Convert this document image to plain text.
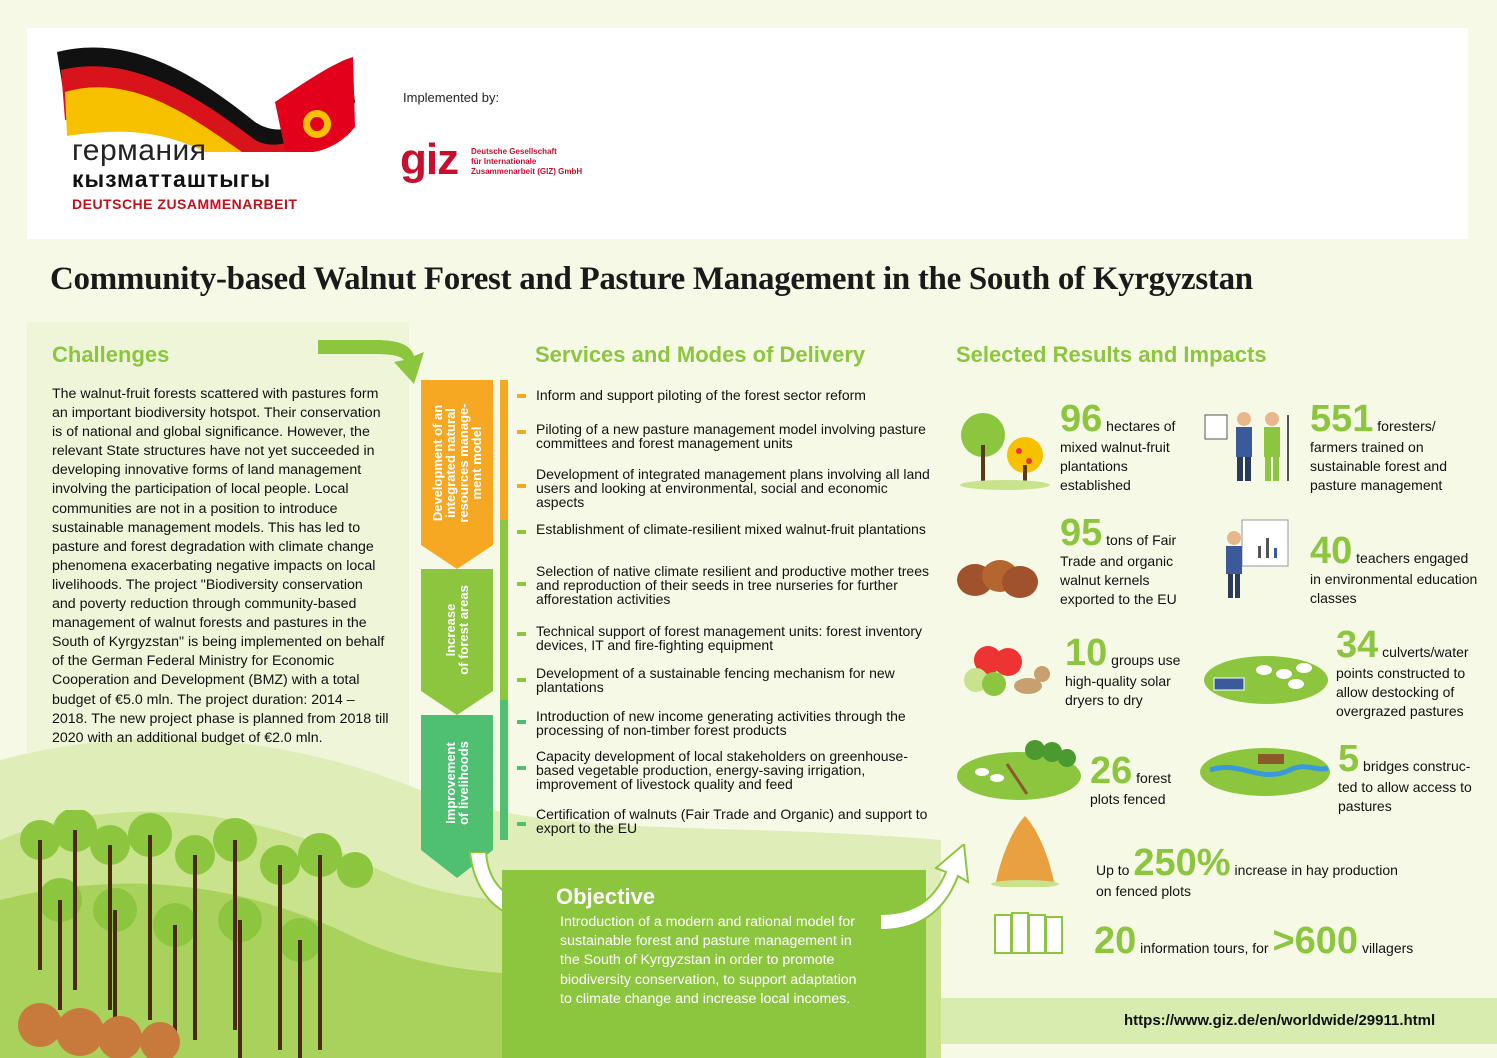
германия
кызматташтыгы
DEUTSCHE ZUSAMMENARBEIT
Implemented by:
giz Deutsche Gesellschaft
für Internationale
Zusammenarbeit (GIZ) GmbH
Community-based Walnut Forest and Pasture Management in the South of Kyrgyzstan
Challenges
The walnut-fruit forests scattered with pastures form an important biodiversity hotspot. Their conservation is of national and global significance. However, the relevant State structures have not yet succeeded in developing innovative forms of land management involving the participation of local people. Local communities are not in a position to introduce sustainable management models. This has led to pasture and forest degradation with climate change phenomena exacerbating negative impacts on local livelihoods. The project "Biodiversity conservation and poverty reduction through community-based management of walnut forests and pastures in the South of Kyrgyzstan" is being implemented on behalf of the German Federal Ministry for Economic Cooperation and Development (BMZ) with a total budget of €5.0 mln. The project duration: 2014 – 2018. The new project phase is planned from 2018 till 2020 with an additional budget of €2.0 mln.
Development of an
integrated natural
resources manage-
ment model
Increase
of forest areas
Improvement
of livelihoods
Services and Modes of Delivery
Inform and support piloting of the forest sector reform
Piloting of a new pasture management model involving pasture committees and forest management units
Development of integrated management plans involving all land users and looking at environmental, social and economic aspects
Establishment of climate-resilient mixed walnut-fruit plantations
Selection of native climate resilient and productive mother trees and reproduction of their seeds in tree nurseries for further afforestation activities
Technical support of forest management units: forest inventory devices, IT and fire-fighting equipment
Development of a sustainable fencing mechanism for new plantations
Introduction of new income generating activities through the processing of non-timber forest products
Capacity development of local stakeholders on greenhouse-based vegetable production, energy-saving irrigation, improvement of livestock quality and feed
Certification of walnuts (Fair Trade and Organic) and support to export to the EU
Objective
Introduction of a modern and rational model for sustainable forest and pasture management in the South of Kyrgyzstan in order to promote biodiversity conservation, to support adaptation to climate change and increase local incomes.
Selected Results and Impacts
96 hectares of
mixed walnut-fruit plantations established
551 foresters/
farmers trained on sustainable forest and pasture management
95 tons of Fair
Trade and organic walnut kernels exported to the EU
40 teachers engaged
in environmental education classes
10 groups use
high-quality solar dryers to dry
34 culverts/water
points constructed to allow destocking of overgrazed pastures
26 forest
plots fenced
5 bridges construc-
ted to allow access to pastures
Up to 250% increase in hay production
on fenced plots
20 information tours, for >600 villagers
https://www.giz.de/en/worldwide/29911.html
